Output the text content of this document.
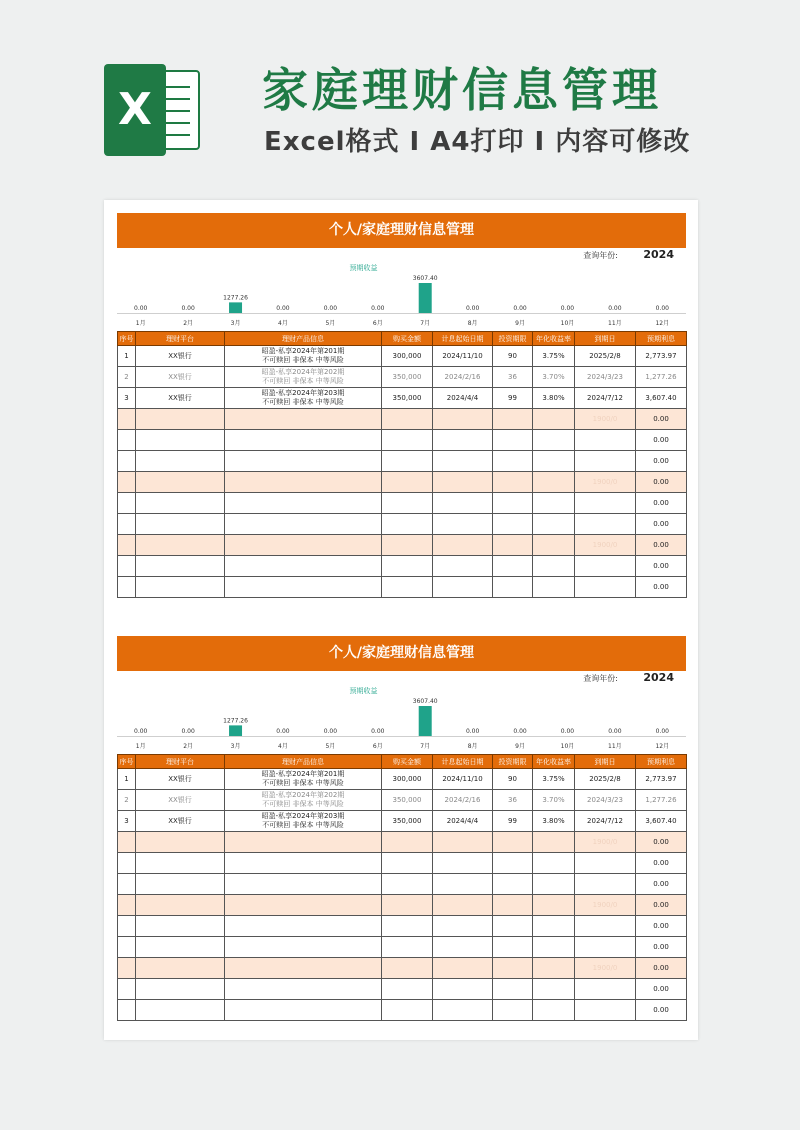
X	家庭理财信息管理
Excel格式 I A4打印 I 内容可修改
个人/家庭理财信息管理
查询年份: 2024
预期收益
0.00
1月
0.00
2月
1277.26
3月
0.00
4月
0.00
5月
0.00
6月
3607.40
7月
0.00
8月
0.00
9月
0.00
10月
0.00
11月
0.00
12月
序号	理财平台	理财产品信息	购买金额	计息起始日期	投资期限	年化收益率	到期日	预期利息
1	XX银行	昭盈-私享2024年第201期
不可赎回 非保本 中等风险	300,000	2024/11/10	90	3.75%	2025/2/8	2,773.97
2	XX银行	昭盈-私享2024年第202期
不可赎回 非保本 中等风险	350,000	2024/2/16	36	3.70%	2024/3/23	1,277.26
3	XX银行	昭盈-私享2024年第203期
不可赎回 非保本 中等风险	350,000	2024/4/4	99	3.80%	2024/7/12	3,607.40
							1900/0	0.00
								0.00
								0.00
							1900/0	0.00
								0.00
								0.00
							1900/0	0.00
								0.00
								0.00
个人/家庭理财信息管理
查询年份: 2024
预期收益
0.00
1月
0.00
2月
1277.26
3月
0.00
4月
0.00
5月
0.00
6月
3607.40
7月
0.00
8月
0.00
9月
0.00
10月
0.00
11月
0.00
12月
序号	理财平台	理财产品信息	购买金额	计息起始日期	投资期限	年化收益率	到期日	预期利息
1	XX银行	昭盈-私享2024年第201期
不可赎回 非保本 中等风险	300,000	2024/11/10	90	3.75%	2025/2/8	2,773.97
2	XX银行	昭盈-私享2024年第202期
不可赎回 非保本 中等风险	350,000	2024/2/16	36	3.70%	2024/3/23	1,277.26
3	XX银行	昭盈-私享2024年第203期
不可赎回 非保本 中等风险	350,000	2024/4/4	99	3.80%	2024/7/12	3,607.40
							1900/0	0.00
								0.00
								0.00
							1900/0	0.00
								0.00
								0.00
							1900/0	0.00
								0.00
								0.00
